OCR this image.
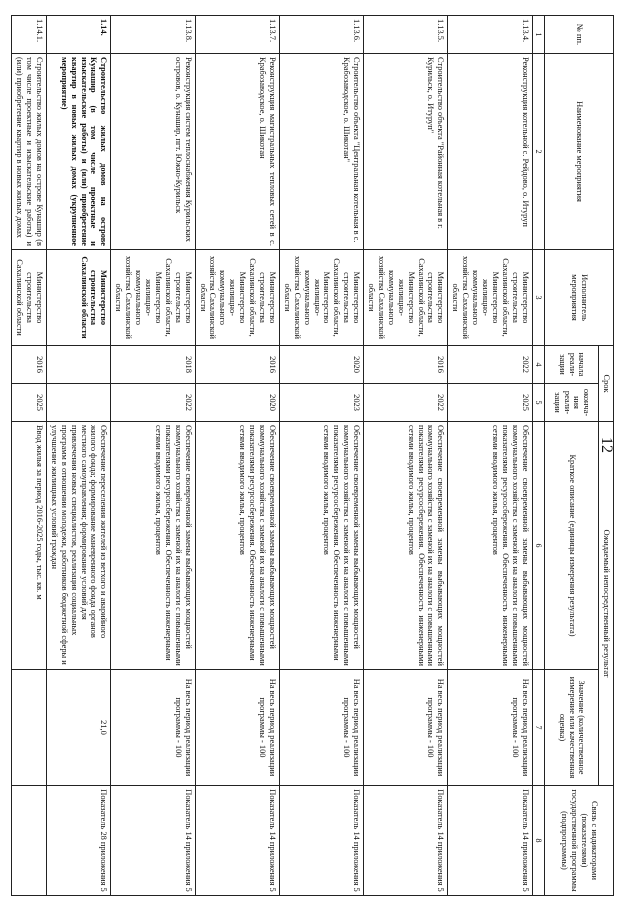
12
№ пп.	Наименование мероприятия	Исполнитель мероприятия	Срок		Ожидаемый непосредственный результат		Связь с индикаторами (показателями) государственной программы (подпрограммы)
			начала реали-зации	оконча-ния реали-зации	Краткое описание (единицы измерения результата)	Значение (количественное измерение или качественная оценка)	

1	2	3	4	5	6	7	8
1.13.4.	Реконструкция котельной с. Рейдово, о. Итуруп	Министерство строительства Сахалинской области, Министерство жилищно-коммунального хозяйства Сахалинской области	2022	2025	Обеспечение своевременной замены выбывающих мощностей коммунального хозяйства с заменой их на аналоги с повышенными показателями ресурсосбережения. Обеспеченность инженерными сетями вводимого жилья, процентов	На весь период реализации программы - 100	Показатель 14 приложения 5
1.13.5.	Строительство объекта "Районная котельная в г. Курильск, о. Итуруп"	Министерство строительства Сахалинской области, Министерство жилищно-коммунального хозяйства Сахалинской области	2016	2022	Обеспечение своевременной замены выбывающих мощностей коммунального хозяйства с заменой их на аналоги с повышенными показателями ресурсосбережения. Обеспеченность инженерными сетями вводимого жилья, процентов	На весь период реализации программы - 100	Показатель 14 приложения 5
1.13.6.	Строительство объекта "Центральная котельная в с. Крабозаводское, о. Шикотан"	Министерство строительства Сахалинской области, Министерство жилищно-коммунального хозяйства Сахалинской области	2020	2023	Обеспечение своевременной замены выбывающих мощностей коммунального хозяйства с заменой их на аналоги с повышенными показателями ресурсосбережения. Обеспеченность инженерными сетями вводимого жилья, процентов	На весь период реализации программы - 100	Показатель 14 приложения 5
1.13.7.	Реконструкция магистральных тепловых сетей в с. Крабозаводское, о. Шикотан	Министерство строительства Сахалинской области, Министерство жилищно-коммунального хозяйства Сахалинской области	2016	2020	Обеспечение своевременной замены выбывающих мощностей коммунального хозяйства с заменой их на аналоги с повышенными показателями ресурсосбережения. Обеспеченность инженерными сетями вводимого жилья, процентов	На весь период реализации программы - 100	Показатель 14 приложения 5
1.13.8.	Реконструкция систем теплоснабжения Курильских островов, о. Кунашир, пгт. Южно-Курильск	Министерство строительства Сахалинской области, Министерство жилищно-коммунального хозяйства Сахалинской области	2018	2022	Обеспечение своевременной замены выбывающих мощностей коммунального хозяйства с заменой их на аналоги с повышенными показателями ресурсосбережения. Обеспеченность инженерными сетями вводимого жилья, процентов	На весь период реализации программы - 100	Показатель 14 приложения 5
1.14.	Строительство жилых домов на острове Кунашир (в том числе проектные и изыскательские работы) и (или) приобретение квартир в новых жилых домах (укрупненное мероприятие)	Министерство строительства Сахалинской области			Обеспечение переселения жителей из ветхого и аварийного жилого фонда; формирование маневренного фонда органов местного самоуправления; формирование условий для привлечения новых специалистов, реализация социальных программ в отношении молодежи, работников бюджетной сферы и улучшение жилищных условий граждан	21,0	Показатель 28 приложения 5
1.14.1.	Строительство жилых домов на острове Кунашир (в том числе проектные и изыскательские работы) и (или) приобретение квартир в новых жилых домах	Министерство строительства Сахалинской области	2016	2025	Ввод жилья за период 2016-2025 годы, тыс. кв. м		
